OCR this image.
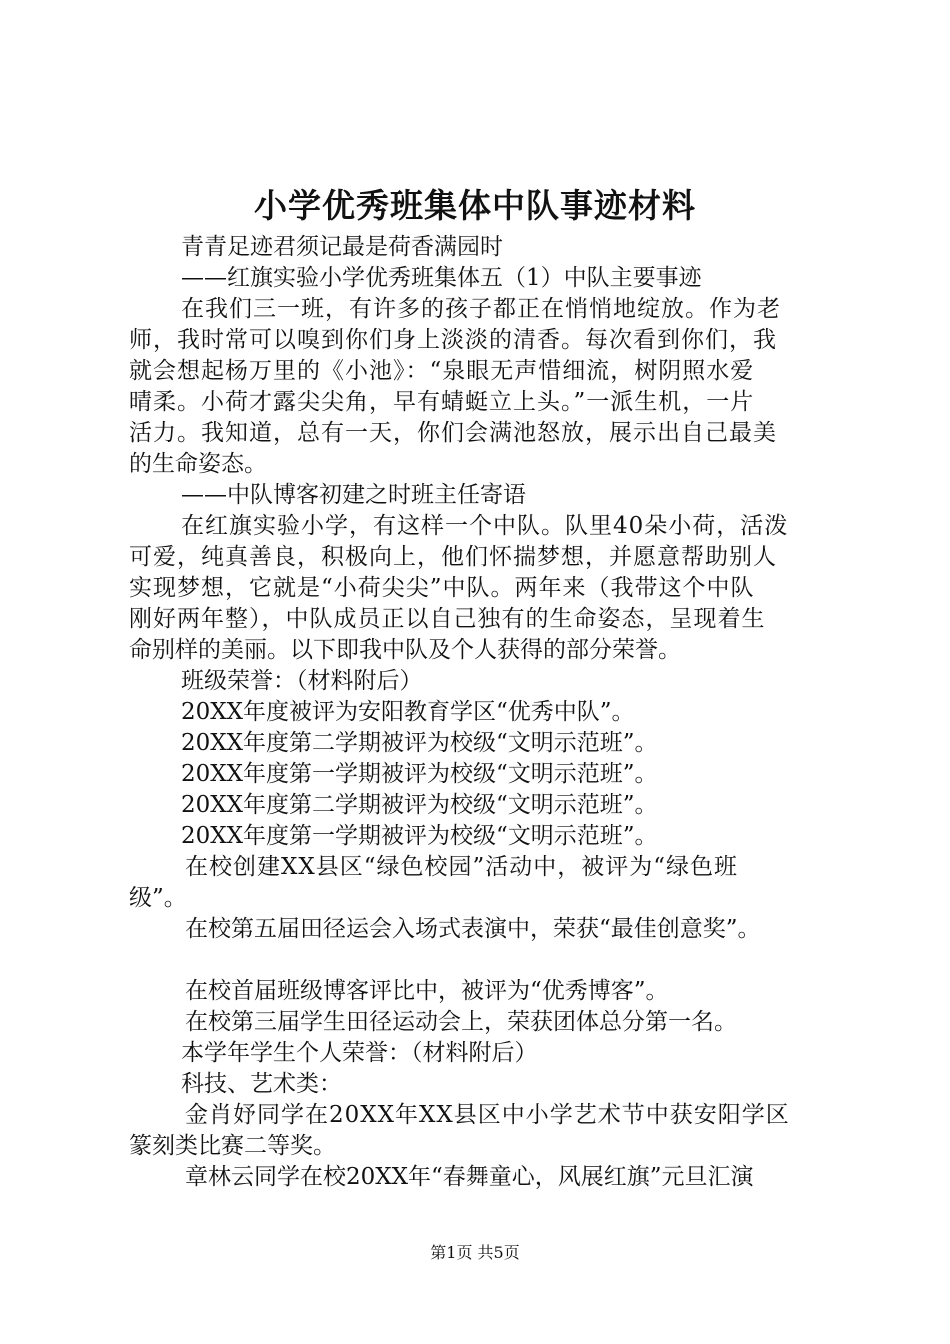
小学优秀班集体中队事迹材料
青青足迹君须记最是荷香满园时
——红旗实验小学优秀班集体五（1）中队主要事迹
在我们三一班，有许多的孩子都正在悄悄地绽放。作为老
师，我时常可以嗅到你们身上淡淡的清香。每次看到你们，我
就会想起杨万里的《小池》：“泉眼无声惜细流，树阴照水爱
晴柔。小荷才露尖尖角，早有蜻蜓立上头。”一派生机，一片
活力。我知道，总有一天，你们会满池怒放，展示出自己最美
的生命姿态。
——中队博客初建之时班主任寄语
在红旗实验小学，有这样一个中队。队里40朵小荷，活泼
可爱，纯真善良，积极向上，他们怀揣梦想，并愿意帮助别人
实现梦想，它就是“小荷尖尖”中队。两年来（我带这个中队
刚好两年整），中队成员正以自己独有的生命姿态，呈现着生
命别样的美丽。以下即我中队及个人获得的部分荣誉。
班级荣誉：（材料附后）
20XX年度被评为安阳教育学区“优秀中队”。
20XX年度第二学期被评为校级“文明示范班”。
20XX年度第一学期被评为校级“文明示范班”。
20XX年度第二学期被评为校级“文明示范班”。
20XX年度第一学期被评为校级“文明示范班”。
在校创建XX县区“绿色校园”活动中，被评为“绿色班
级”。
在校第五届田径运会入场式表演中，荣获“最佳创意奖”。
在校首届班级博客评比中，被评为“优秀博客”。
在校第三届学生田径运动会上，荣获团体总分第一名。
本学年学生个人荣誉：（材料附后）
科技、艺术类：
金肖妤同学在20XX年XX县区中小学艺术节中获安阳学区
篆刻类比赛二等奖。
章林云同学在校20XX年“春舞童心，风展红旗”元旦汇演
第1页 共5页
